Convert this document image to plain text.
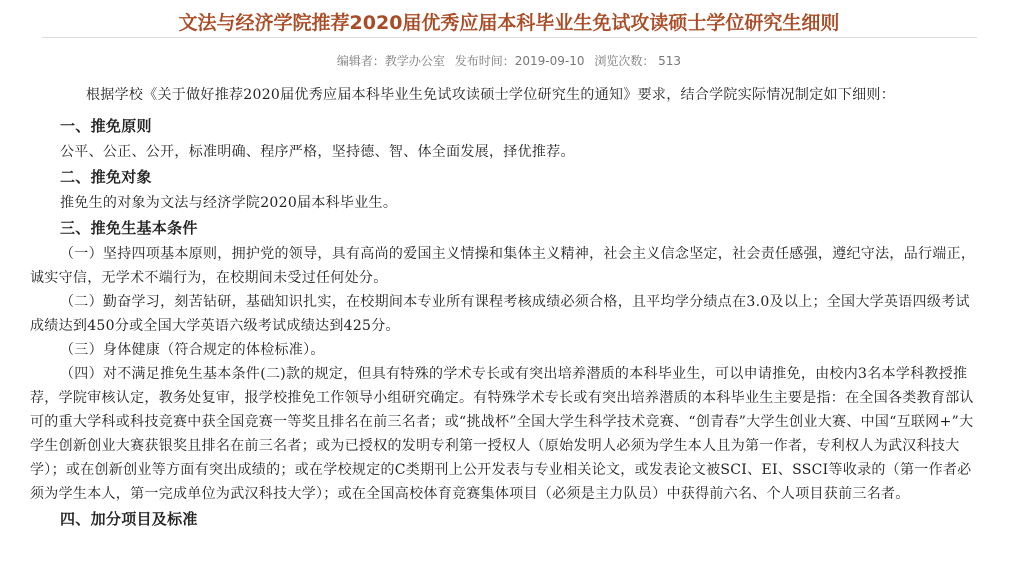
文法与经济学院推荐2020届优秀应届本科毕业生免试攻读硕士学位研究生细则
编辑者：教学办公室 发布时间：2019-09-10 浏览次数： 513

根据学校《关于做好推荐2020届优秀应届本科毕业生免试攻读硕士学位研究生的通知》要求，结合学院实际情况制定如下细则：

一、推免原则

公平、公正、公开，标准明确、程序严格，坚持德、智、体全面发展，择优推荐。

二、推免对象

推免生的对象为文法与经济学院2020届本科毕业生。

三、推免生基本条件

（一）坚持四项基本原则，拥护党的领导，具有高尚的爱国主义情操和集体主义精神，社会主义信念坚定，社会责任感强，遵纪守法，品行端正，诚实守信，无学术不端行为，在校期间未受过任何处分。

（二）勤奋学习，刻苦钻研，基础知识扎实，在校期间本专业所有课程考核成绩必须合格，且平均学分绩点在3.0及以上；全国大学英语四级考试成绩达到450分或全国大学英语六级考试成绩达到425分。

（三）身体健康（符合规定的体检标准）。

（四）对不满足推免生基本条件(二)款的规定，但具有特殊的学术专长或有突出培养潜质的本科毕业生，可以申请推免，由校内3名本学科教授推荐，学院审核认定，教务处复审，报学校推免工作领导小组研究确定。有特殊学术专长或有突出培养潜质的本科毕业生主要是指：在全国各类教育部认可的重大学科或科技竞赛中获全国竞赛一等奖且排名在前三名者；或“挑战杯”全国大学生科学技术竞赛、“创青春”大学生创业大赛、中国“互联网+”大学生创新创业大赛获银奖且排名在前三名者；或为已授权的发明专利第一授权人（原始发明人必须为学生本人且为第一作者，专利权人为武汉科技大学）；或在创新创业等方面有突出成绩的；或在学校规定的C类期刊上公开发表与专业相关论文，或发表论文被SCI、EI、SSCI等收录的（第一作者必须为学生本人，第一完成单位为武汉科技大学）；或在全国高校体育竞赛集体项目（必须是主力队员）中获得前六名、个人项目获前三名者。

四、加分项目及标准
